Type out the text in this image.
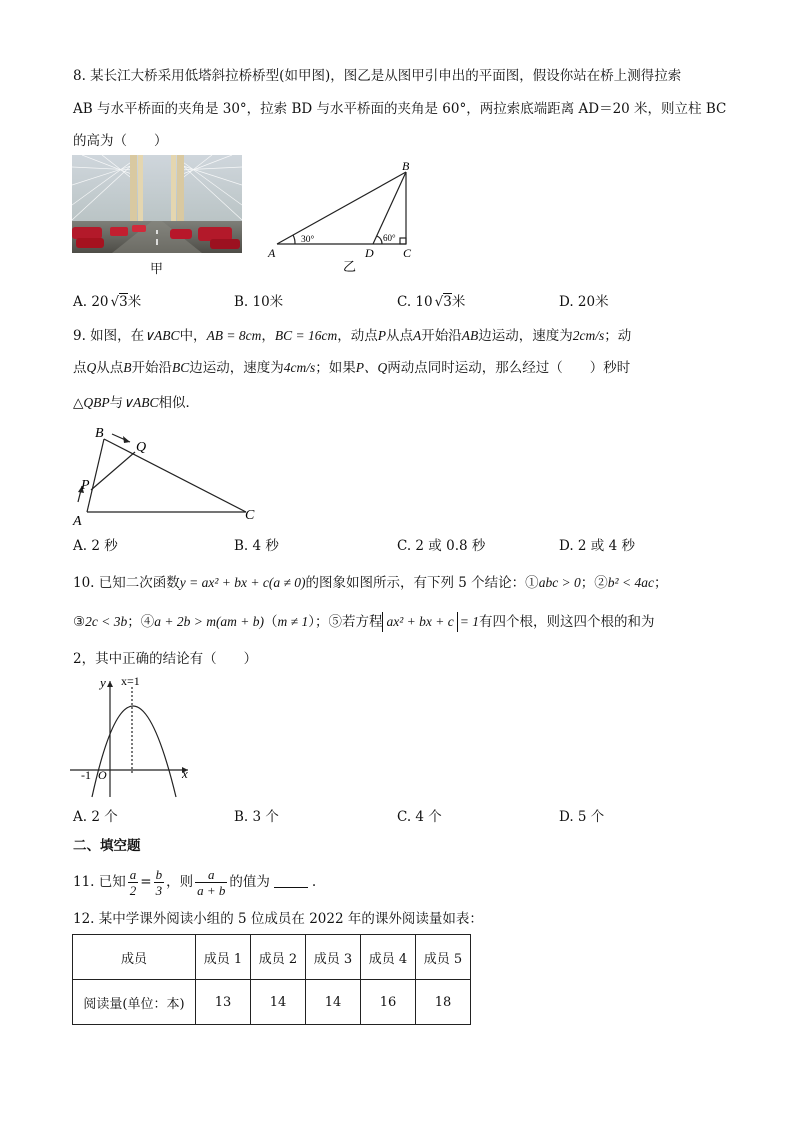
8. 某长江大桥采用低塔斜拉桥桥型(如甲图)，图乙是从图甲引申出的平面图，假设你站在桥上测得拉索
AB 与水平桥面的夹角是 30°，拉索 BD 与水平桥面的夹角是 60°，两拉索底端距离 AD＝20 米，则立柱 BC
的高为（　　）
甲
30°	60°
A
B
C
D
乙
A. 20 √3米	B. 10米	C. 10 √3米	D. 20米
9. 如图，在∨ABC中，AB = 8cm，BC = 16cm，动点P从点A开始沿AB边运动，速度为2cm/s；动
点Q从点B开始沿BC边运动，速度为4cm/s；如果P、Q两动点同时运动，那么经过（　　）秒时
△QBP与∨ABC相似．
B
Q
P
A	C
A. 2 秒	B. 4 秒	C. 2 或 0.8 秒	D. 2 或 4 秒
10. 已知二次函数y = ax² + bx + c(a ≠ 0)的图象如图所示，有下列 5 个结论：①abc > 0；②b² < 4ac；
③2c < 3b；④a + 2b > m(am + b)（m ≠ 1）；⑤若方程 ax² + bx + c = 1有四个根，则这四个根的和为
2，其中正确的结论有（　　）
y x=1
x
-1 O
A. 2 个	B. 3 个	C. 4 个	D. 5 个
二、填空题
11. 已知 $\frac{a}{2} = \frac{b}{3}$ ，则 $\frac{a}{a + b}$ 的值为	.
12. 某中学课外阅读小组的 5 位成员在 2022 年的课外阅读量如表：
成员	成员 1	成员 2	成员 3	成员 4	成员 5
阅读量(单位：本)	13	14	14	16	18
